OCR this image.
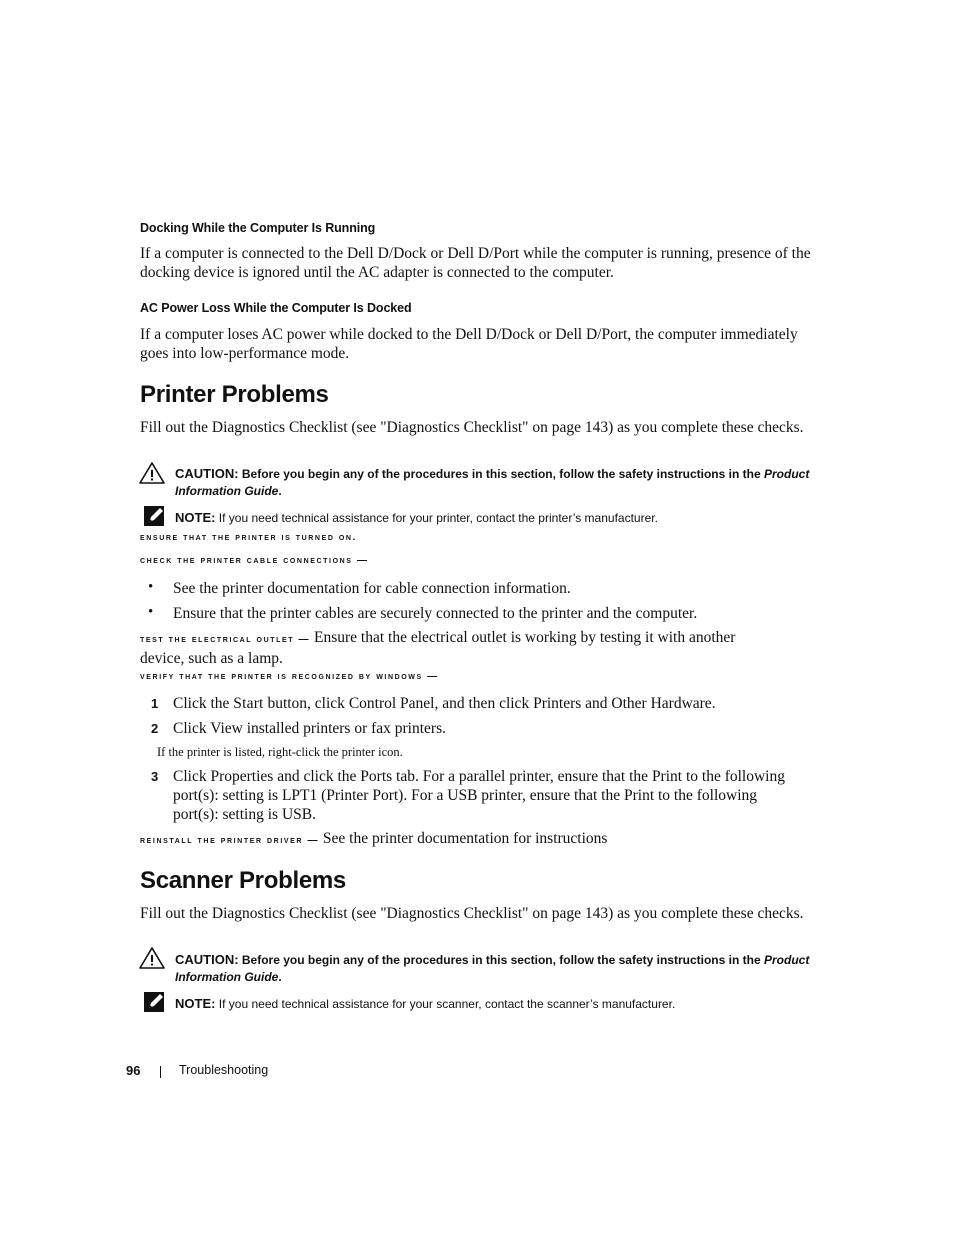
Docking While the Computer Is Running

If a computer is connected to the Dell D/Dock or Dell D/Port while the computer is running, presence of the docking device is ignored until the AC adapter is connected to the computer.

AC Power Loss While the Computer Is Docked

If a computer loses AC power while docked to the Dell D/Dock or Dell D/Port, the computer immediately goes into low-performance mode.

Printer Problems

Fill out the Diagnostics Checklist (see "Diagnostics Checklist" on page 143) as you complete these checks.

CAUTION: Before you begin any of the procedures in this section, follow the safety instructions in the Product Information Guide.

NOTE: If you need technical assistance for your printer, contact the printer’s manufacturer.

ensure that the printer is turned on.

check the printer cable connections —

• See the printer documentation for cable connection information.

• Ensure that the printer cables are securely connected to the printer and the computer.

test the electrical outlet — Ensure that the electrical outlet is working by testing it with another
device, such as a lamp.

verify that the printer is recognized by windows —

1 Click the Start button, click Control Panel, and then click Printers and Other Hardware.

2 Click View installed printers or fax printers.

If the printer is listed, right-click the printer icon.

3 Click Properties and click the Ports tab. For a parallel printer, ensure that the Print to the following
port(s): setting is LPT1 (Printer Port). For a USB printer, ensure that the Print to the following
port(s): setting is USB.

reinstall the printer driver — See the printer documentation for instructions

Scanner Problems

Fill out the Diagnostics Checklist (see "Diagnostics Checklist" on page 143) as you complete these checks.

CAUTION: Before you begin any of the procedures in this section, follow the safety instructions in the Product Information Guide.

NOTE: If you need technical assistance for your scanner, contact the scanner’s manufacturer.

96	Troubleshooting
